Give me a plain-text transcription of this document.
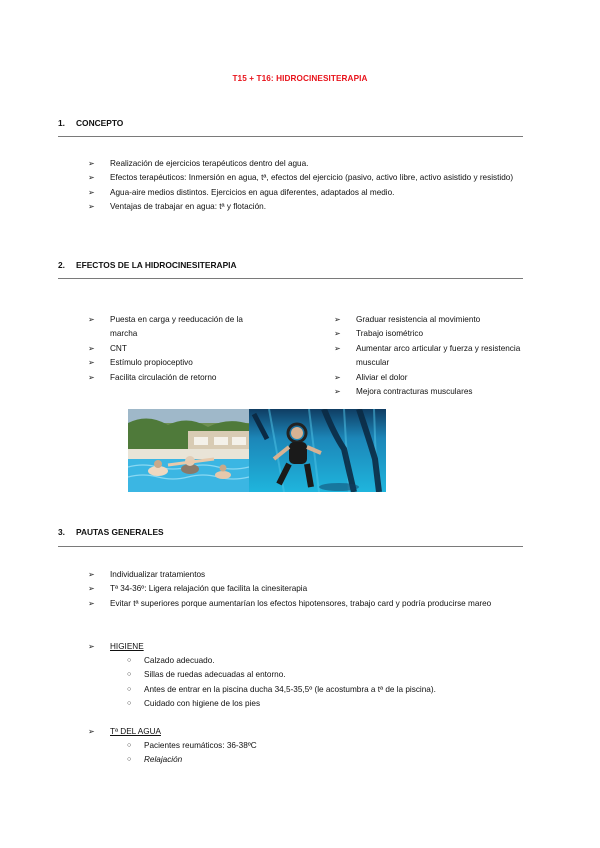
T15 + T16: HIDROCINESITERAPIA
1. CONCEPTO
➢ Realización de ejercicios terapéuticos dentro del agua.
➢ Efectos terapéuticos: Inmersión en agua, tª, efectos del ejercicio (pasivo, activo libre, activo asistido y resistido)
➢ Agua-aire medios distintos. Ejercicios en agua diferentes, adaptados al medio.
➢ Ventajas de trabajar en agua: tª y flotación.
2. EFECTOS DE LA HIDROCINESITERAPIA
➢ Puesta en carga y reeducación de la marcha
➢ CNT
➢ Estímulo propioceptivo
➢ Facilita circulación de retorno
➢ Graduar resistencia al movimiento
➢ Trabajo isométrico
➢ Aumentar arco articular y fuerza y resistencia muscular
➢ Aliviar el dolor
➢ Mejora contracturas musculares
3. PAUTAS GENERALES
➢ Individualizar tratamientos
➢ Tª 34-36º: Ligera relajación que facilita la cinesiterapia
➢ Evitar tª superiores porque aumentarían los efectos hipotensores, trabajo card y podría producirse mareo
➢ HIGIENE
○ Calzado adecuado.
○ Sillas de ruedas adecuadas al entorno.
○ Antes de entrar en la piscina ducha 34,5-35,5º (le acostumbra a tª de la piscina).
○ Cuidado con higiene de los pies
➢ Tª DEL AGUA
○ Pacientes reumáticos: 36-38ºC
○ Relajación
